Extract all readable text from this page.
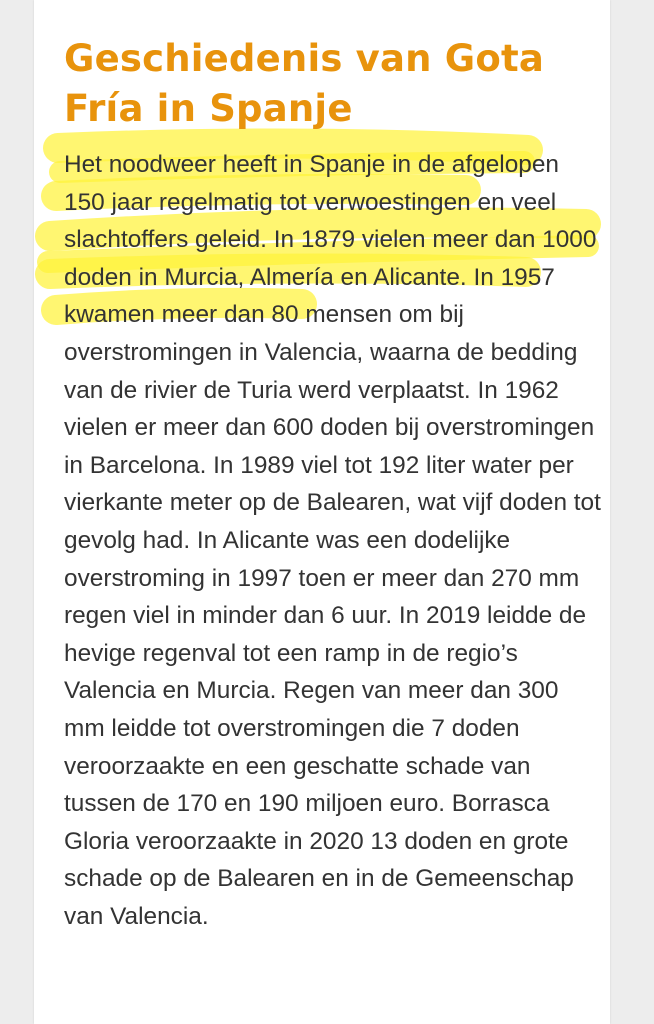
Geschiedenis van Gota Fría in Spanje

Het noodweer heeft in Spanje in de afgelopen 150 jaar regelmatig tot verwoestingen en veel slachtoffers geleid. In 1879 vielen meer dan 1000 doden in Murcia, Almería en Alicante. In 1957 kwamen meer dan 80 mensen om bij overstromingen in Valencia, waarna de bedding van de rivier de Turia werd verplaatst. In 1962 vielen er meer dan 600 doden bij overstromingen in Barcelona. In 1989 viel tot 192 liter water per vierkante meter op de Balearen, wat vijf doden tot gevolg had. In Alicante was een dodelijke overstroming in 1997 toen er meer dan 270 mm regen viel in minder dan 6 uur. In 2019 leidde de hevige regenval tot een ramp in de regio’s Valencia en Murcia. Regen van meer dan 300 mm leidde tot overstromingen die 7 doden veroorzaakte en een geschatte schade van tussen de 170 en 190 miljoen euro. Borrasca Gloria veroorzaakte in 2020 13 doden en grote schade op de Balearen en in de Gemeenschap van Valencia.
